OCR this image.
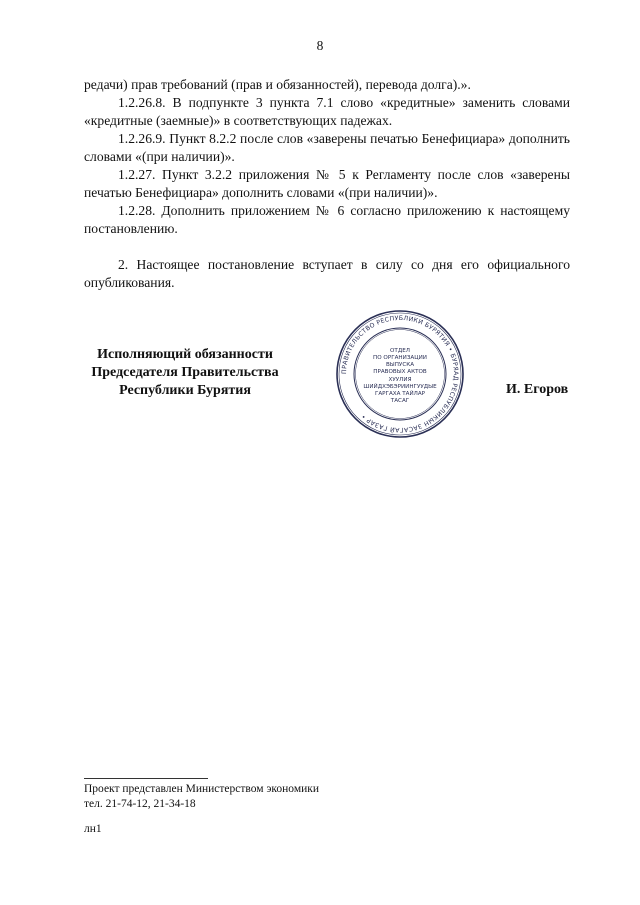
8

редачи) прав требований (прав и обязанностей), перевода долга).».

1.2.26.8. В подпункте 3 пункта 7.1 слово «кредитные» заменить словами «кредитные (заемные)» в соответствующих падежах.

1.2.26.9. Пункт 8.2.2 после слов «заверены печатью Бенефициара» дополнить словами «(при наличии)».

1.2.27. Пункт 3.2.2 приложения № 5 к Регламенту после слов «заверены печатью Бенефициара» дополнить словами «(при наличии)».

1.2.28. Дополнить приложением № 6 согласно приложению к настоящему постановлению.

2. Настоящее постановление вступает в силу со дня его официального опубликования.

Исполняющий обязанности
Председателя Правительства
Республики Бурятия
ПРАВИТЕЛЬСТВО РЕСПУБЛИКИ БУРЯТИЯ • БУРЯАД РЕСПУБЛИКЫН ЗАСАГАЙ ГАЗАР •
ОТДЕЛ
ПО ОРГАНИЗАЦИИ
ВЫПУСКА
ПРАВОВЫХ АКТОВ
ХУУЛИЯ
ШИЙДХЭБЭРИИНГУУДЫЕ
ГАРГАХА ТАЙЛАР
ТАСАГ
И. Егоров
Проект представлен Министерством экономики
тел. 21-74-12, 21-34-18
лн1
